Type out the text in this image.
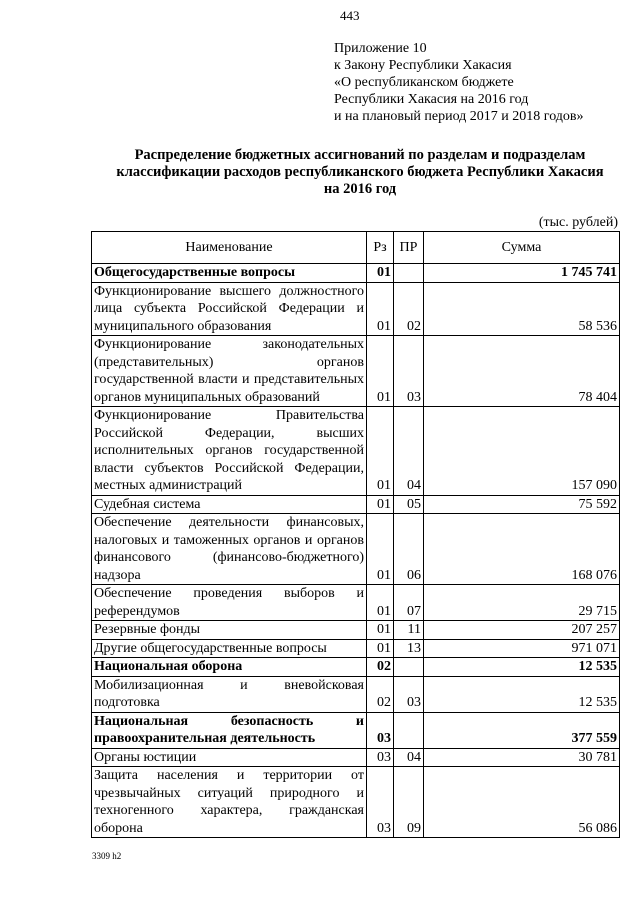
443
Приложение 10
к Закону Республики Хакасия
«О республиканском бюджете
Республики Хакасия на 2016 год
и на плановый период 2017 и 2018 годов»
Распределение бюджетных ассигнований по разделам и подразделам
классификации расходов республиканского бюджета Республики Хакасия
на 2016 год
(тыс. рублей)
Наименование	Рз	ПР	Сумма
Общегосударственные вопросы	01		1 745 741
Функционирование высшего должностного лица субъекта Российской Федерации и муниципального образования	01	02	58 536
Функционирование законодательных (представительных) органов государственной власти и представительных органов муниципальных образований	01	03	78 404
Функционирование Правительства Российской Федерации, высших исполнительных органов государственной власти субъектов Российской Федерации, местных администраций	01	04	157 090
Судебная система	01	05	75 592
Обеспечение деятельности финансовых, налоговых и таможенных органов и органов финансового (финансово-бюджетного) надзора	01	06	168 076
Обеспечение проведения выборов и референдумов	01	07	29 715
Резервные фонды	01	11	207 257
Другие общегосударственные вопросы	01	13	971 071
Национальная оборона	02		12 535
Мобилизационная и вневойсковая подготовка	02	03	12 535
Национальная безопасность и правоохранительная деятельность	03		377 559
Органы юстиции	03	04	30 781
Защита населения и территории от чрезвычайных ситуаций природного и техногенного характера, гражданская оборона	03	09	56 086
3309 h2
